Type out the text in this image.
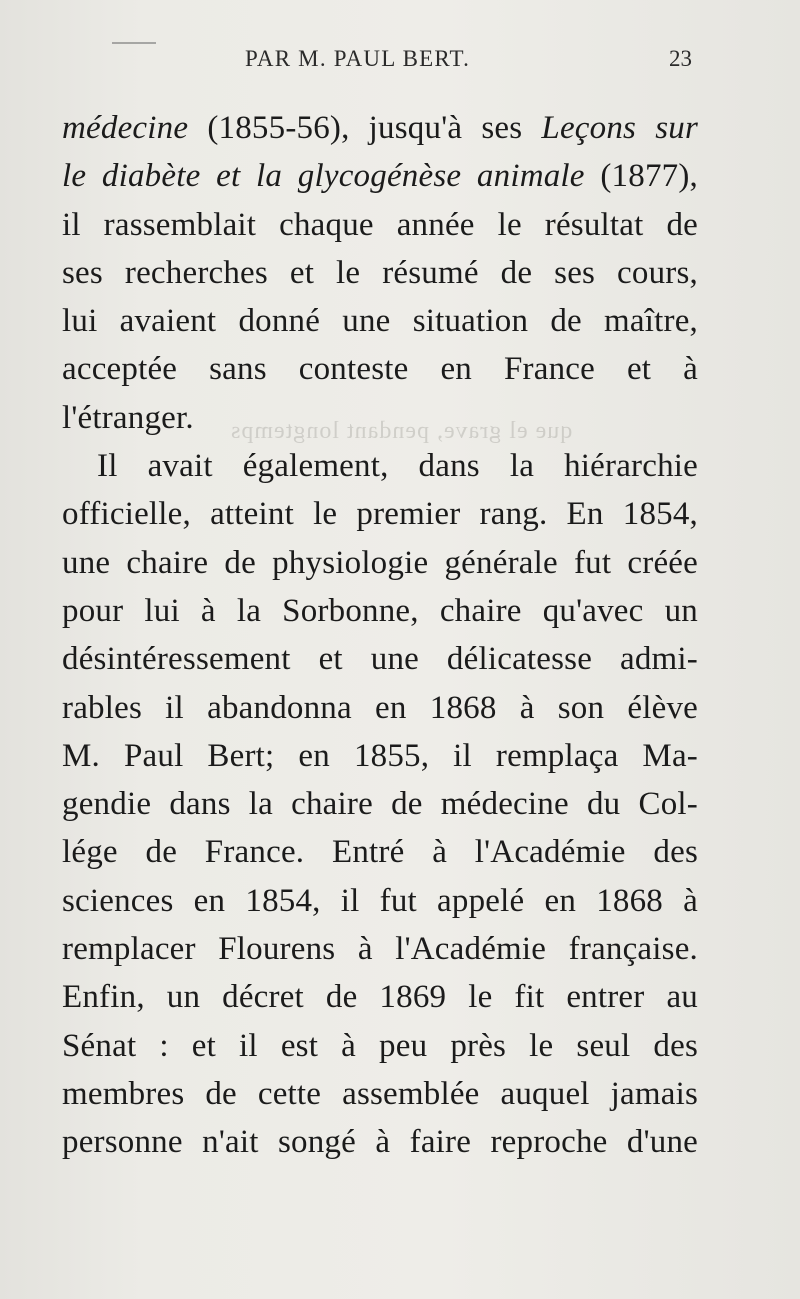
PAR M. PAUL BERT.	23
que el grave, pendant longtemps
médecine (1855-56), jusqu'à ses Leçons sur
le diabète et la glycogénèse animale (1877),
il rassemblait chaque année le résultat de
ses recherches et le résumé de ses cours,
lui avaient donné une situation de maître,
acceptée sans conteste en France et à
l'étranger.
Il avait également, dans la hiérarchie
officielle, atteint le premier rang. En 1854,
une chaire de physiologie générale fut créée
pour lui à la Sorbonne, chaire qu'avec un
désintéressement et une délicatesse admi-
rables il abandonna en 1868 à son élève
M. Paul Bert; en 1855, il remplaça Ma-
gendie dans la chaire de médecine du Col-
lége de France. Entré à l'Académie des
sciences en 1854, il fut appelé en 1868 à
remplacer Flourens à l'Académie française.
Enfin, un décret de 1869 le fit entrer au
Sénat : et il est à peu près le seul des
membres de cette assemblée auquel jamais
personne n'ait songé à faire reproche d'une
